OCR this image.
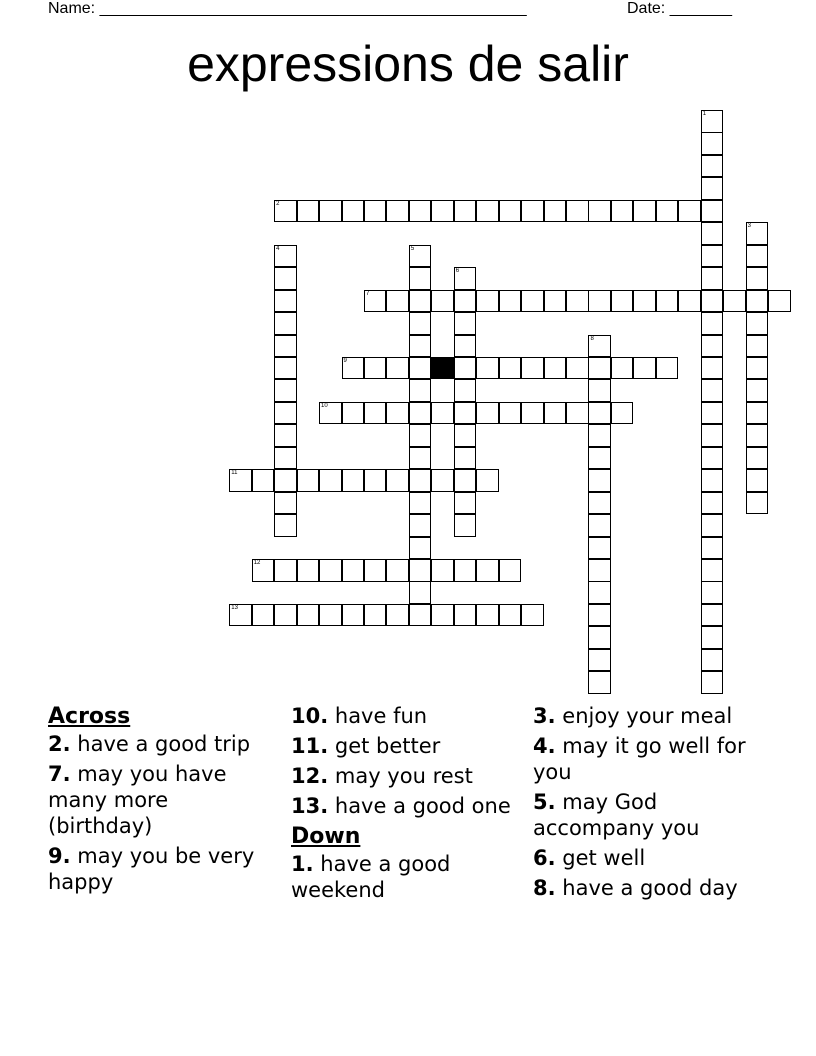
Name: ________________________________________________	Date: _______
expressions de salir
1
2
3
4	5
6
7
8
9
10
11
12
13
Across
2. have a good trip
7. may you have many more (birthday)
9. may you be very happy
10. have fun
11. get better
12. may you rest
13. have a good one
Down
1. have a good weekend
3. enjoy your meal
4. may it go well for you
5. may God accompany you
6. get well
8. have a good day
